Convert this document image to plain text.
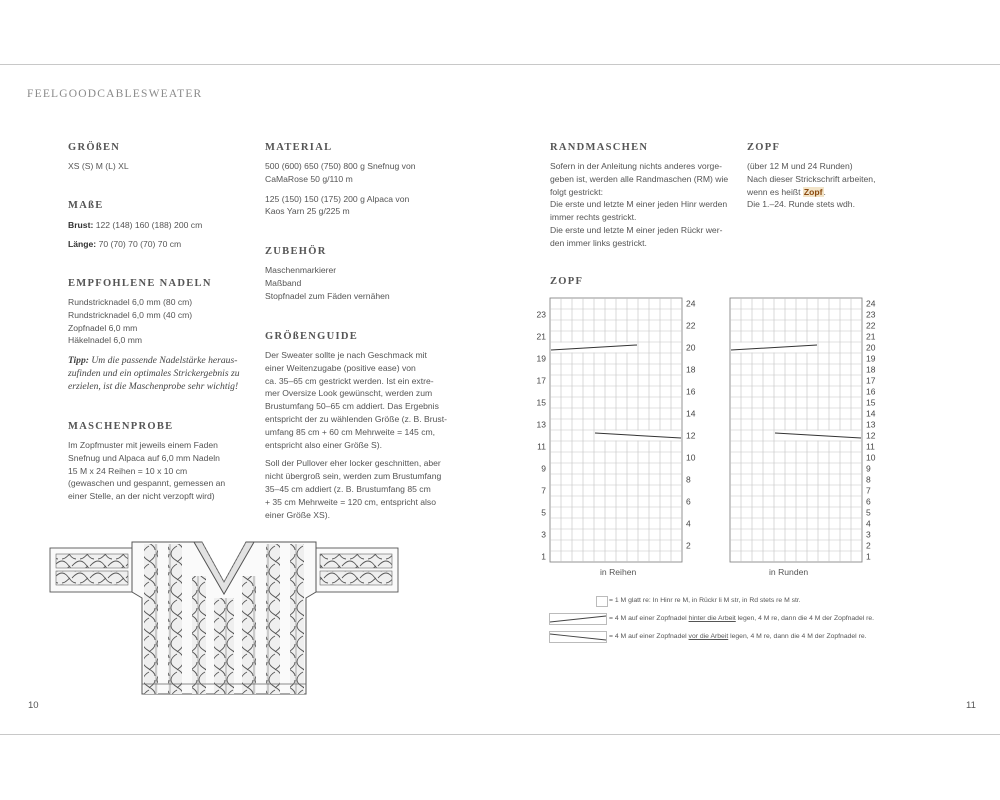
FEELGOODCABLESWEATER
GRÖßEN
XS (S) M (L) XL
MAßE
Brust: 122 (148) 160 (188) 200 cm
Länge: 70 (70) 70 (70) 70 cm
EMPFOHLENE NADELN
Rundstricknadel 6,0 mm (80 cm)
Rundstricknadel 6,0 mm (40 cm)
Zopfnadel 6,0 mm
Häkelnadel 6,0 mm
Tipp: Um die passende Nadelstärke heraus-
zufinden und ein optimales Strickergebnis zu
erzielen, ist die Maschenprobe sehr wichtig!
MASCHENPROBE
Im Zopfmuster mit jeweils einem Faden
Snefnug und Alpaca auf 6,0 mm Nadeln
15 M x 24 Reihen = 10 x 10 cm
(gewaschen und gespannt, gemessen an
einer Stelle, an der nicht verzopft wird)
MATERIAL
500 (600) 650 (750) 800 g Snefnug von
CaMaRose 50 g/110 m
125 (150) 150 (175) 200 g Alpaca von
Kaos Yarn 25 g/225 m
ZUBEHÖR
Maschenmarkierer
Maßband
Stopfnadel zum Fäden vernähen
GRÖßENGUIDE
Der Sweater sollte je nach Geschmack mit
einer Weitenzugabe (positive ease) von
ca. 35–65 cm gestrickt werden. Ist ein extre-
mer Oversize Look gewünscht, werden zum
Brustumfang 50–65 cm addiert. Das Ergebnis
entspricht der zu wählenden Größe (z. B. Brust-
umfang 85 cm + 60 cm Mehrweite = 145 cm,
entspricht also einer Größe S).
Soll der Pullover eher locker geschnitten, aber
nicht übergroß sein, werden zum Brustumfang
35–45 cm addiert (z. B. Brustumfang 85 cm
+ 35 cm Mehrweite = 120 cm, entspricht also
einer Größe XS).
10
RANDMASCHEN
Sofern in der Anleitung nichts anderes vorge-
geben ist, werden alle Randmaschen (RM) wie
folgt gestrickt:
Die erste und letzte M einer jeden Hinr werden
immer rechts gestrickt.
Die erste und letzte M einer jeden Rückr wer-
den immer links gestrickt.
ZOPF
(über 12 M und 24 Runden)
Nach dieser Strickschrift arbeiten,
wenn es heißt Zopf.
Die 1.–24. Runde stets wdh.
ZOPF
1
3
5
7
9
11
13
15
17
19
21
23
2
4
6
8
10
12
14
16
18
20
22
24
1
2
3
4
5
6
7
8
9
10
11
12
13
14
15
16
17
18
19
20
21
22
23
24
in Reihen	in Runden
= 1 M glatt re: In Hinr re M, in Rückr li M str, in Rd stets re M str.
= 4 M auf einer Zopfnadel hinter die Arbeit legen, 4 M re, dann die 4 M der Zopfnadel re.
= 4 M auf einer Zopfnadel vor die Arbeit legen, 4 M re, dann die 4 M der Zopfnadel re.
11
